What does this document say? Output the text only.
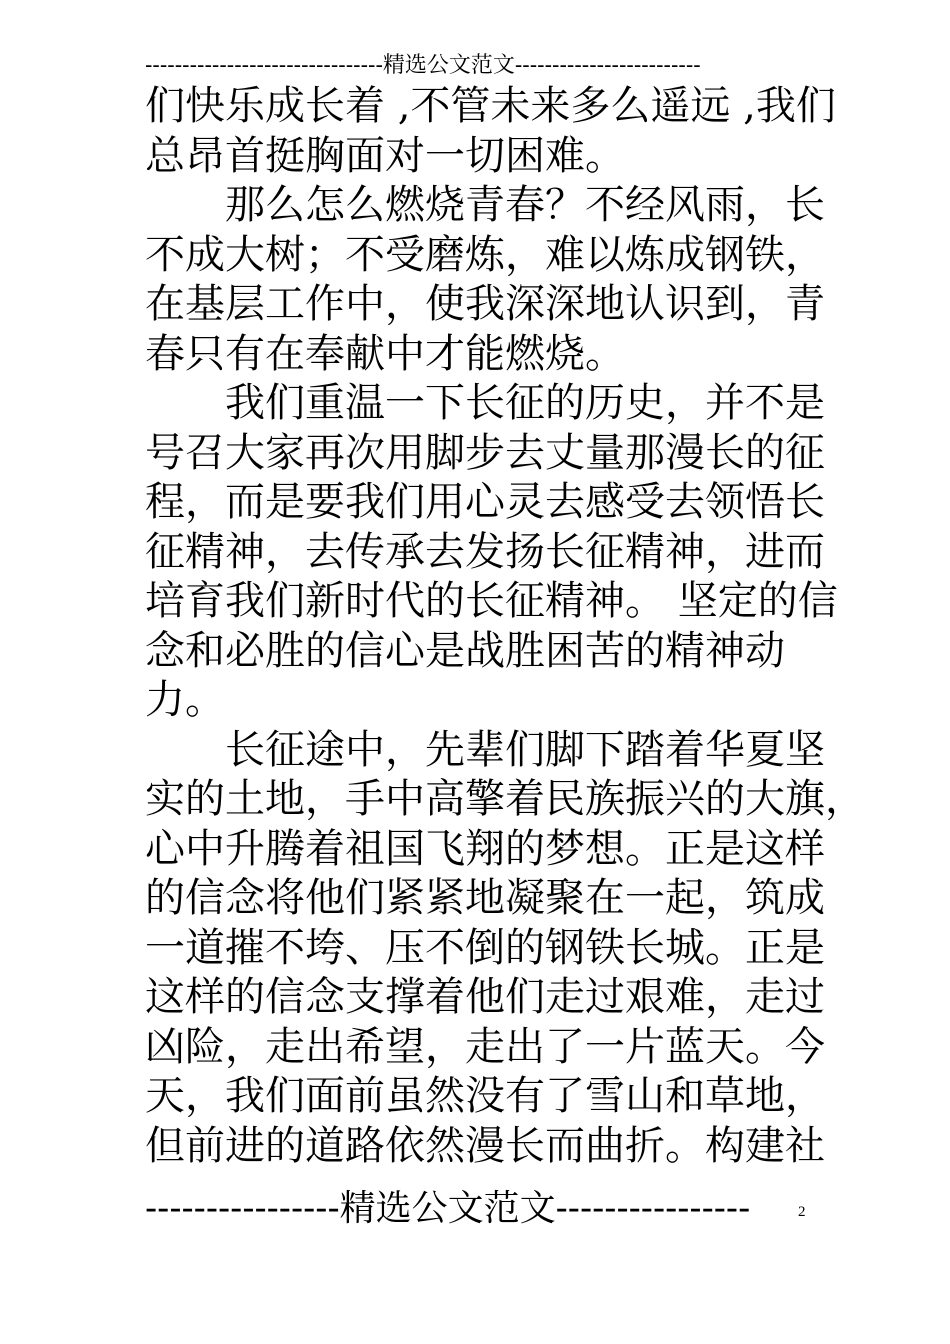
--------------------------------精选公文范文-------------------------
们快乐成长着 ,不管未来多么遥远 ,我们
总昂首挺胸面对一切困难。
那么怎么燃烧青春？不经风雨，长
不成大树；不受磨炼，难以炼成钢铁，
在基层工作中，使我深深地认识到，青
春只有在奉献中才能燃烧。
我们重温一下长征的历史，并不是
号召大家再次用脚步去丈量那漫长的征
程，而是要我们用心灵去感受去领悟长
征精神，去传承去发扬长征精神，进而
培育我们新时代的长征精神。 坚定的信
念和必胜的信心是战胜困苦的精神动
力。
长征途中，先辈们脚下踏着华夏坚
实的土地，手中高擎着民族振兴的大旗，
心中升腾着祖国飞翔的梦想。正是这样
的信念将他们紧紧地凝聚在一起，筑成
一道摧不垮、压不倒的钢铁长城。正是
这样的信念支撑着他们走过艰难，走过
凶险，走出希望，走出了一片蓝天。今
天，我们面前虽然没有了雪山和草地，
但前进的道路依然漫长而曲折。构建社
----------------精选公文范文----------------	2
